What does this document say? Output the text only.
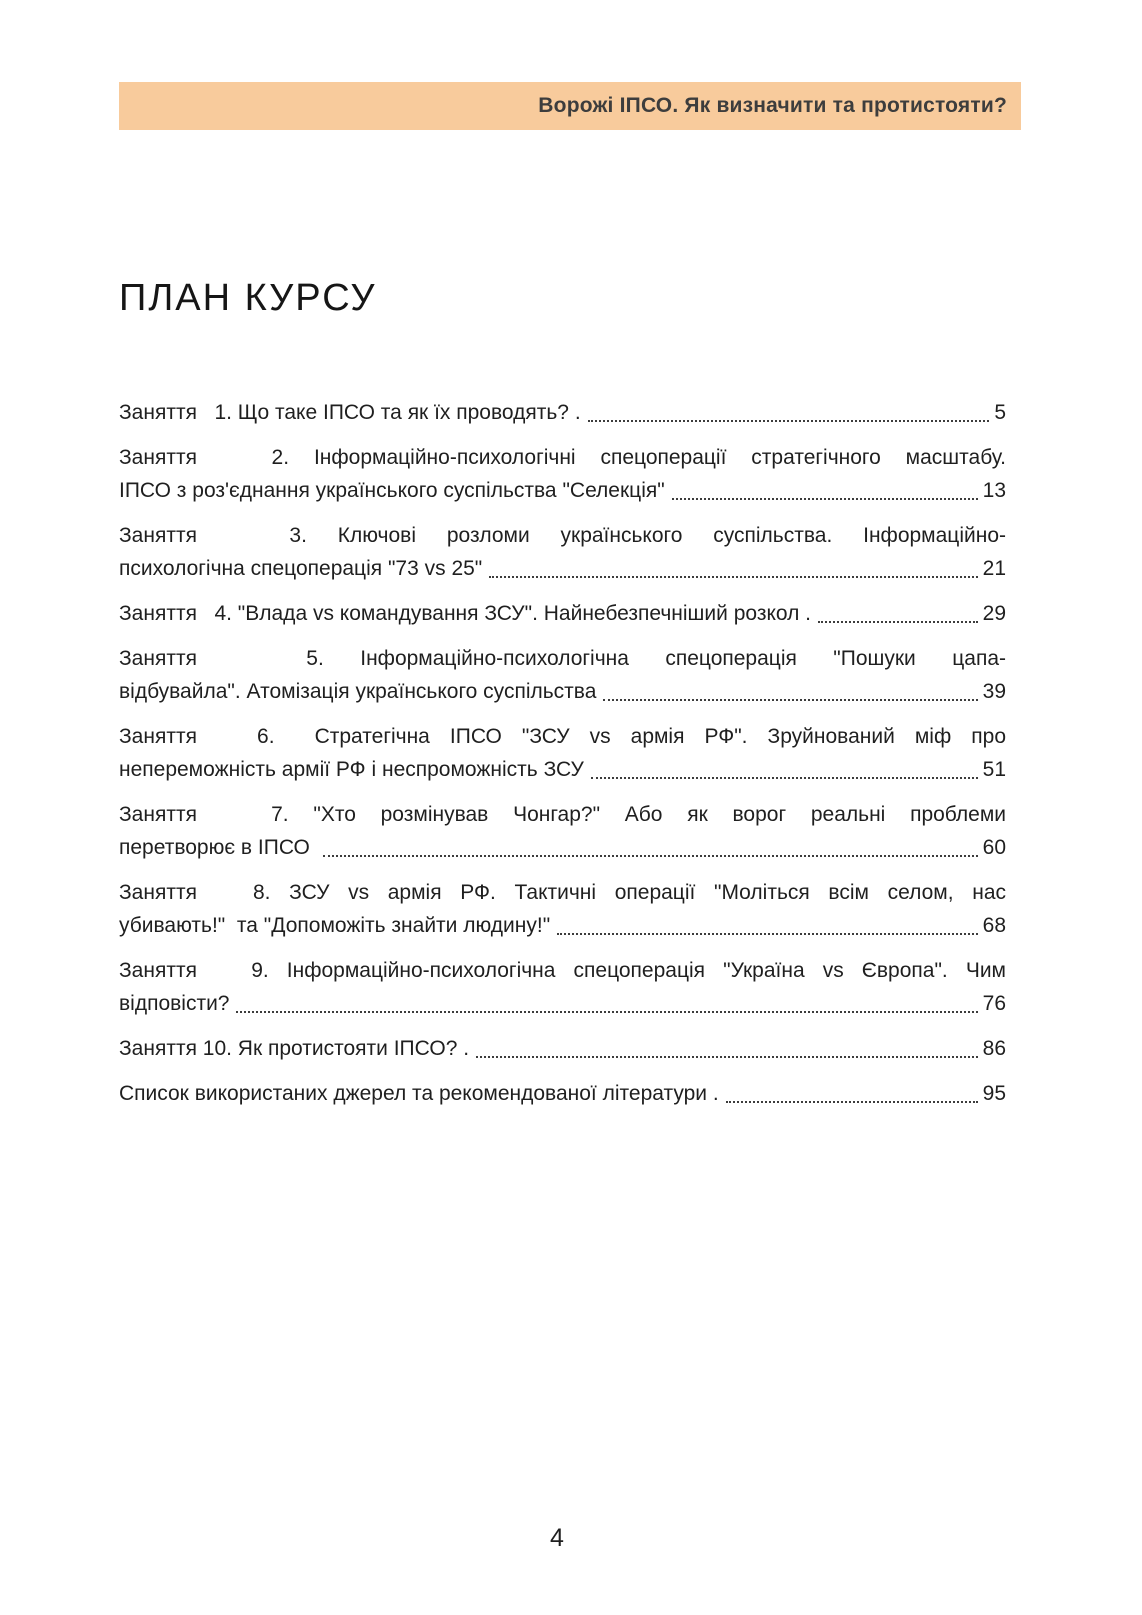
Ворожі ІПСО. Як визначити та протистояти?
ПЛАН КУРСУ
Заняття   1. Що таке ІПСО та як їх проводять? .	5
Заняття   2. Інформаційно-психологічні спецоперації стратегічного масштабу.
ІПСО з роз'єднання українського суспільства "Селекція"	13
Заняття   3. Ключові розломи українського суспільства. Інформаційно-
психологічна спецоперація "73 vs 25"	21
Заняття   4. "Влада vs командування ЗСУ". Найнебезпечніший розкол .	29
Заняття   5. Інформаційно-психологічна спецоперація "Пошуки цапа-
відбувайла". Атомізація українського суспільства	39
Заняття   6.  Стратегічна ІПСО "ЗСУ vs армія РФ". Зруйнований міф про
непереможність армії РФ і неспроможність ЗСУ	51
Заняття   7. "Хто розмінував Чонгар?" Або як ворог реальні проблеми
перетворює в ІПСО	60
Заняття   8. ЗСУ vs армія РФ. Тактичні операції "Моліться всім селом, нас
убивають!"  та "Допоможіть знайти людину!"	68
Заняття   9. Інформаційно-психологічна спецоперація "Україна vs Європа". Чим
відповісти?	76
Заняття 10. Як протистояти ІПСО? .	86
Список використаних джерел та рекомендованої літератури .	95
4
